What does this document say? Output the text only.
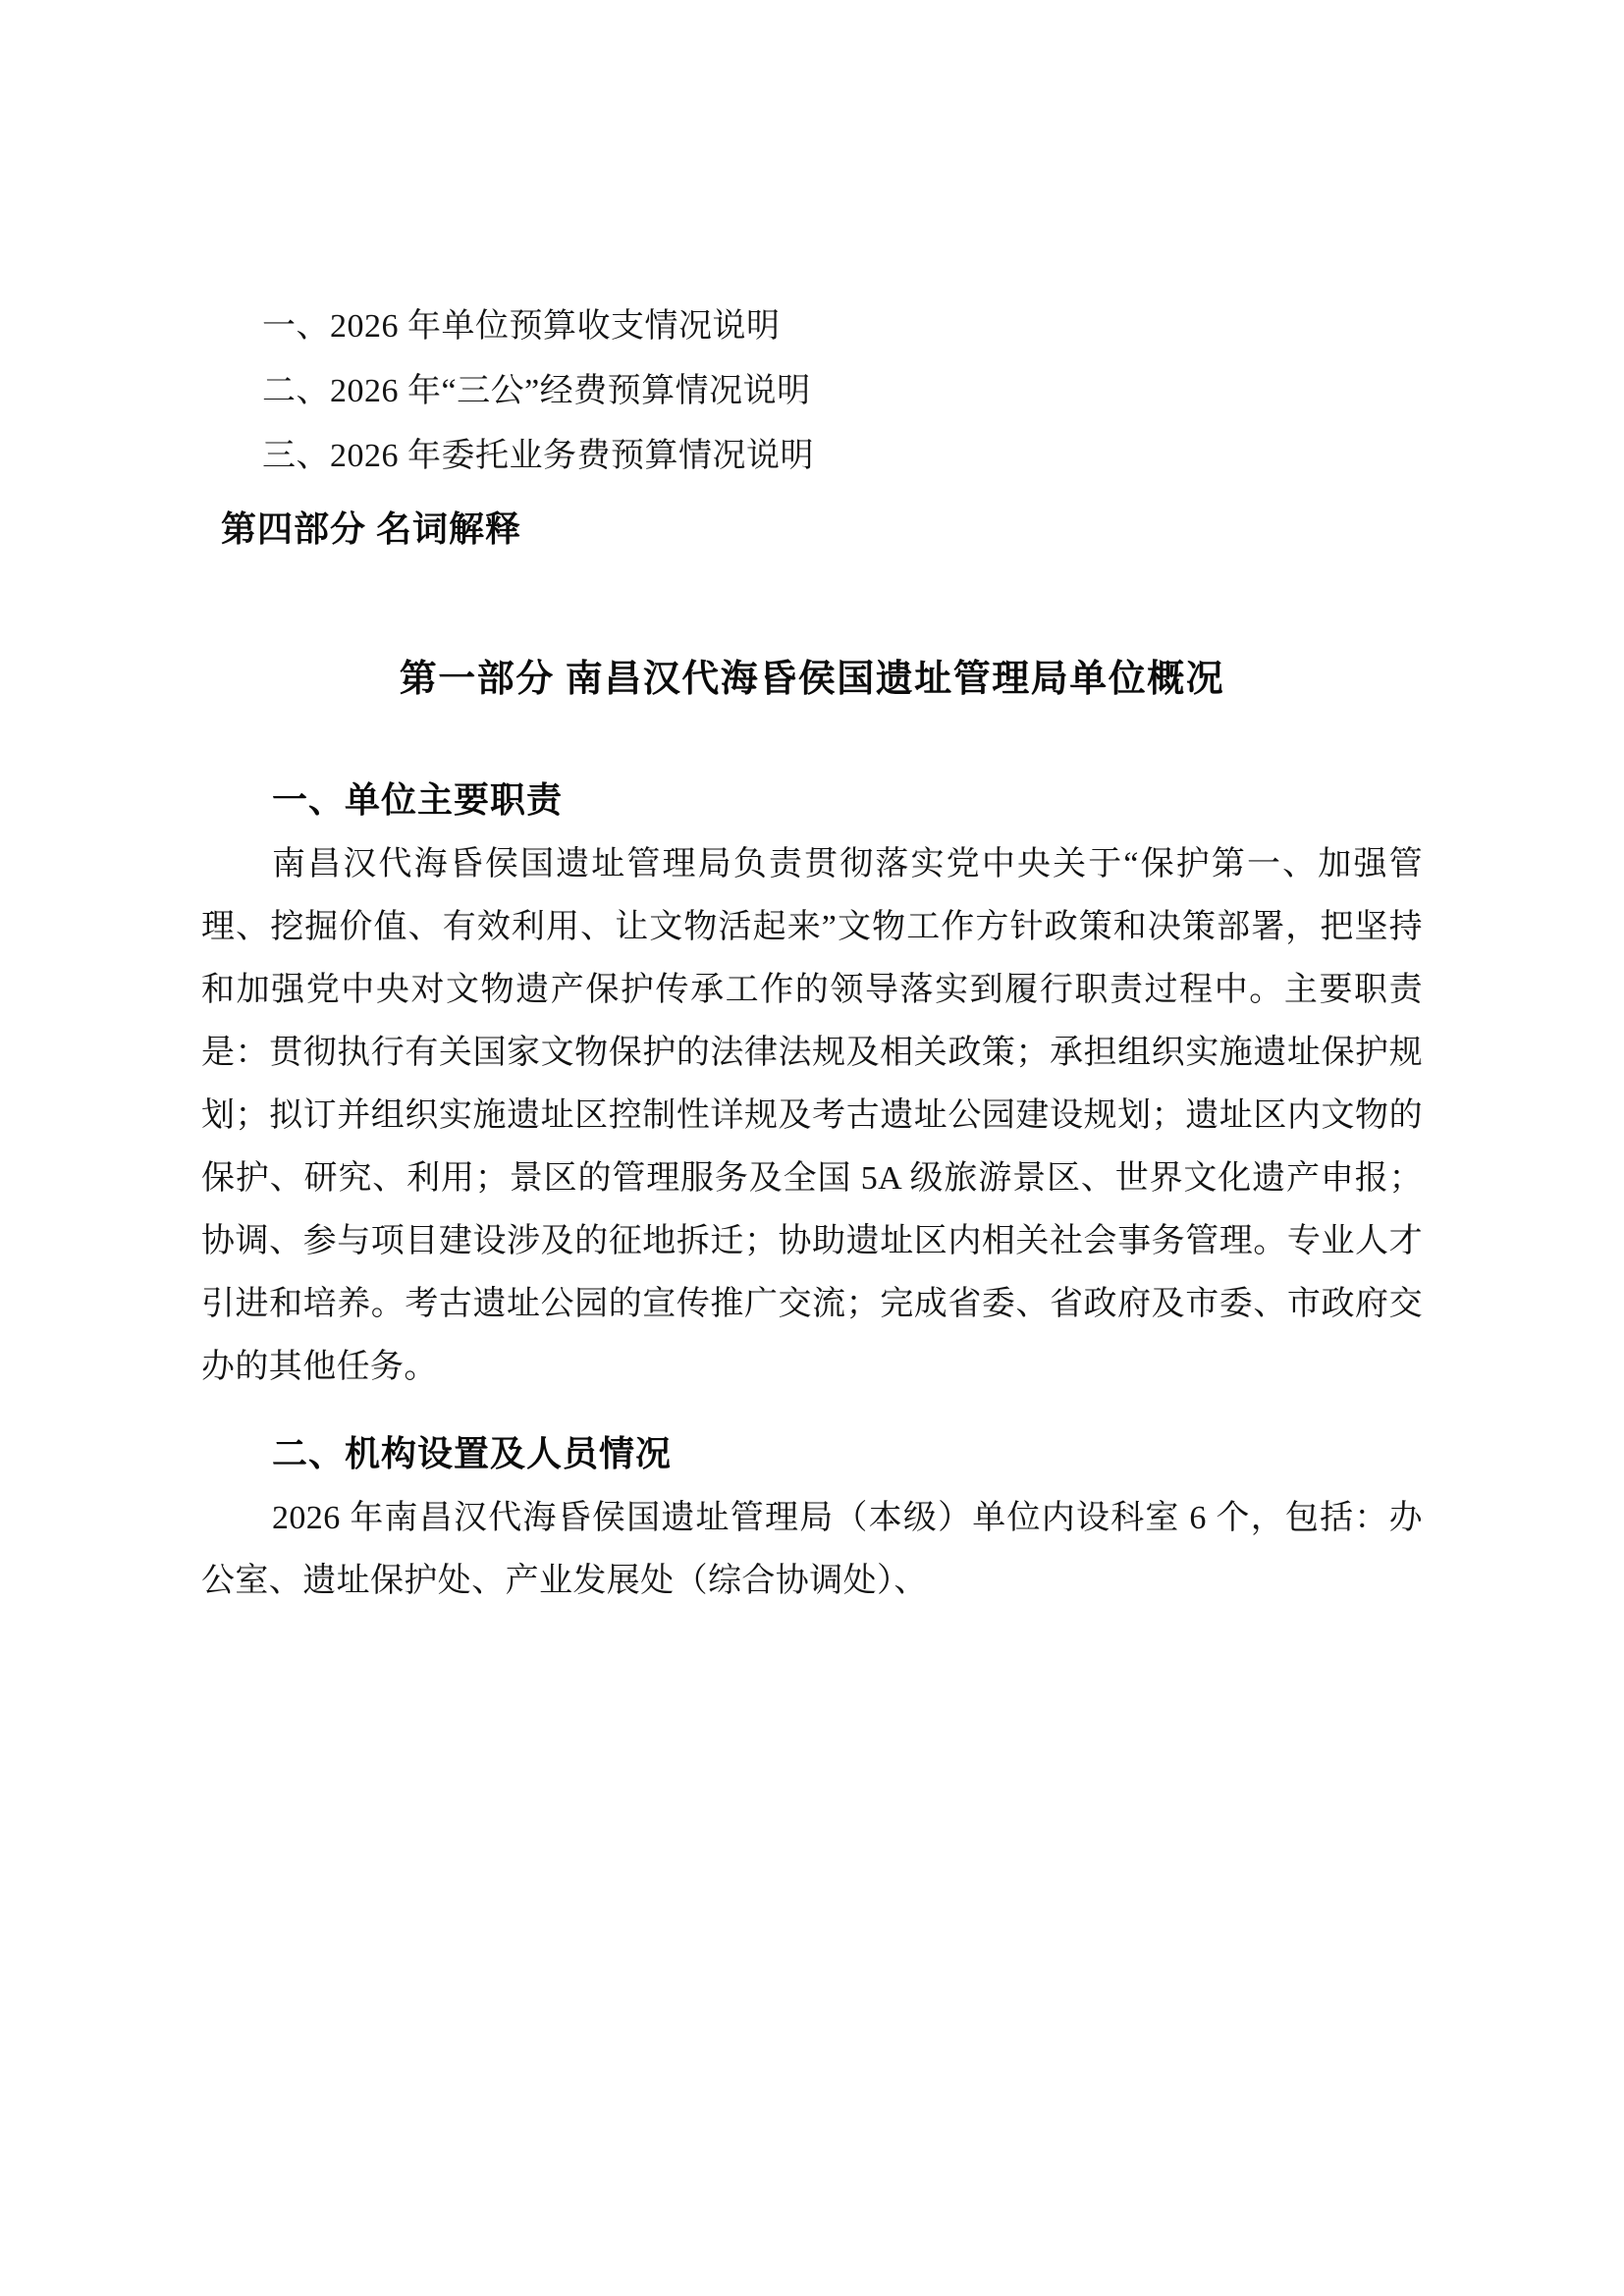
一、2026 年单位预算收支情况说明
二、2026 年“三公”经费预算情况说明
三、2026 年委托业务费预算情况说明
第四部分 名词解释
第一部分 南昌汉代海昏侯国遗址管理局单位概况
一、单位主要职责

南昌汉代海昏侯国遗址管理局负责贯彻落实党中央关于“保护第一、加强管理、挖掘价值、有效利用、让文物活起来”文物工作方针政策和决策部署，把坚持和加强党中央对文物遗产保护传承工作的领导落实到履行职责过程中。主要职责是：贯彻执行有关国家文物保护的法律法规及相关政策；承担组织实施遗址保护规划；拟订并组织实施遗址区控制性详规及考古遗址公园建设规划；遗址区内文物的保护、研究、利用；景区的管理服务及全国 5A 级旅游景区、世界文化遗产申报；协调、参与项目建设涉及的征地拆迁；协助遗址区内相关社会事务管理。专业人才引进和培养。考古遗址公园的宣传推广交流；完成省委、省政府及市委、市政府交办的其他任务。

二、机构设置及人员情况

2026 年南昌汉代海昏侯国遗址管理局（本级）单位内设科室 6 个，包括：办公室、遗址保护处、产业发展处（综合协调处）、
